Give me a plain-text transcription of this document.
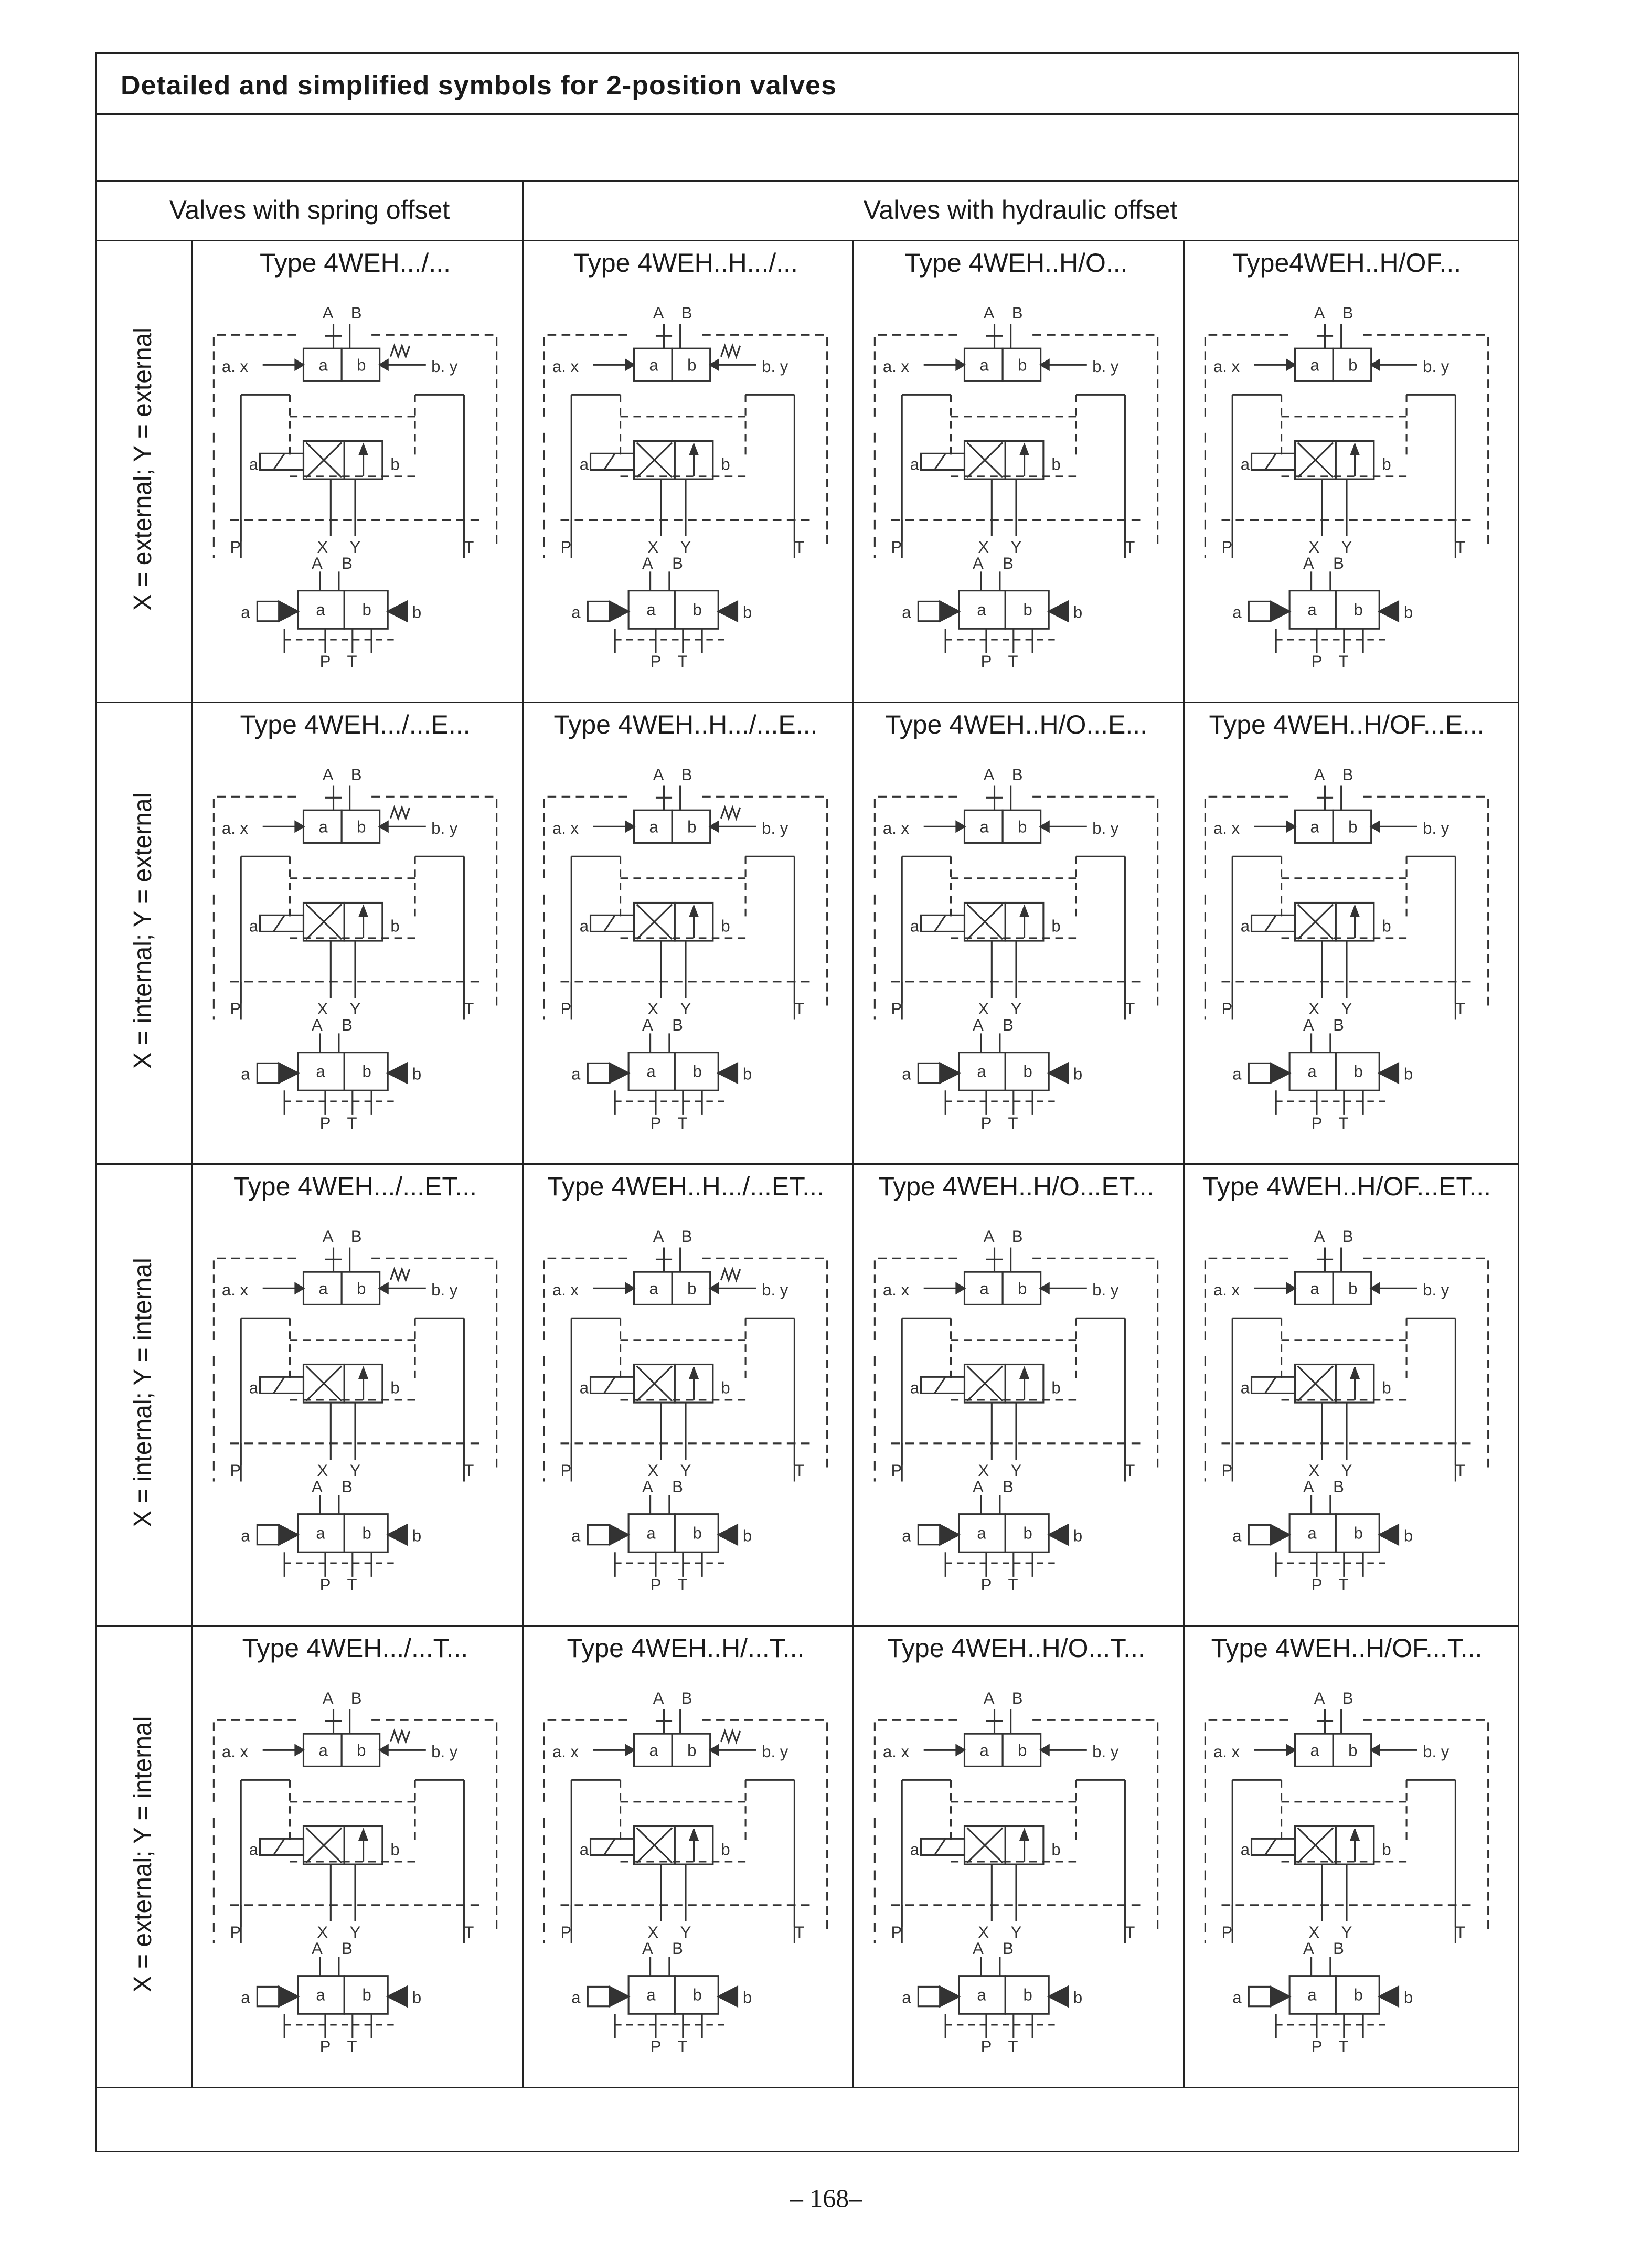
Detailed and simplified symbols for 2-position valves
Valves with spring offset	Valves with hydraulic offset
X = external; Y = external
Type 4WEH.../...
A B
a b
a. x	b. y
a	b
P	X Y	T
A B
a b
a	b
P T
Type 4WEH..H.../...
A B
a b
a. x	b. y
a	b
P	X Y	T
A B
a b
a	b
P T
Type 4WEH..H/O...
A B
a b
a. x	b. y
a	b
P	X Y	T
A B
a b
a	b
P T
Type4WEH..H/OF...
A B
a b
a. x	b. y
a	b
P	X Y	T
A B
a b
a	b
P T
X = internal; Y = external
Type 4WEH.../...E...
A B
a b
a. x	b. y
a	b
P	X Y	T
A B
a b
a	b
P T
Type 4WEH..H.../...E...
A B
a b
a. x	b. y
a	b
P	X Y	T
A B
a b
a	b
P T
Type 4WEH..H/O...E...
A B
a b
a. x	b. y
a	b
P	X Y	T
A B
a b
a	b
P T
Type 4WEH..H/OF...E...
A B
a b
a. x	b. y
a	b
P	X Y	T
A B
a b
a	b
P T
X = internal; Y = internal
Type 4WEH.../...ET...
A B
a b
a. x	b. y
a	b
P	X Y	T
A B
a b
a	b
P T
Type 4WEH..H.../...ET...
A B
a b
a. x	b. y
a	b
P	X Y	T
A B
a b
a	b
P T
Type 4WEH..H/O...ET...
A B
a b
a. x	b. y
a	b
P	X Y	T
A B
a b
a	b
P T
Type 4WEH..H/OF...ET...
A B
a b
a. x	b. y
a	b
P	X Y	T
A B
a b
a	b
P T
X = external; Y = internal
Type 4WEH.../...T...
A B
a b
a. x	b. y
a	b
P	X Y	T
A B
a b
a	b
P T
Type 4WEH..H/...T...
A B
a b
a. x	b. y
a	b
P	X Y	T
A B
a b
a	b
P T
Type 4WEH..H/O...T...
A B
a b
a. x	b. y
a	b
P	X Y	T
A B
a b
a	b
P T
Type 4WEH..H/OF...T...
A B
a b
a. x	b. y
a	b
P	X Y	T
A B
a b
a	b
P T
– 168–
